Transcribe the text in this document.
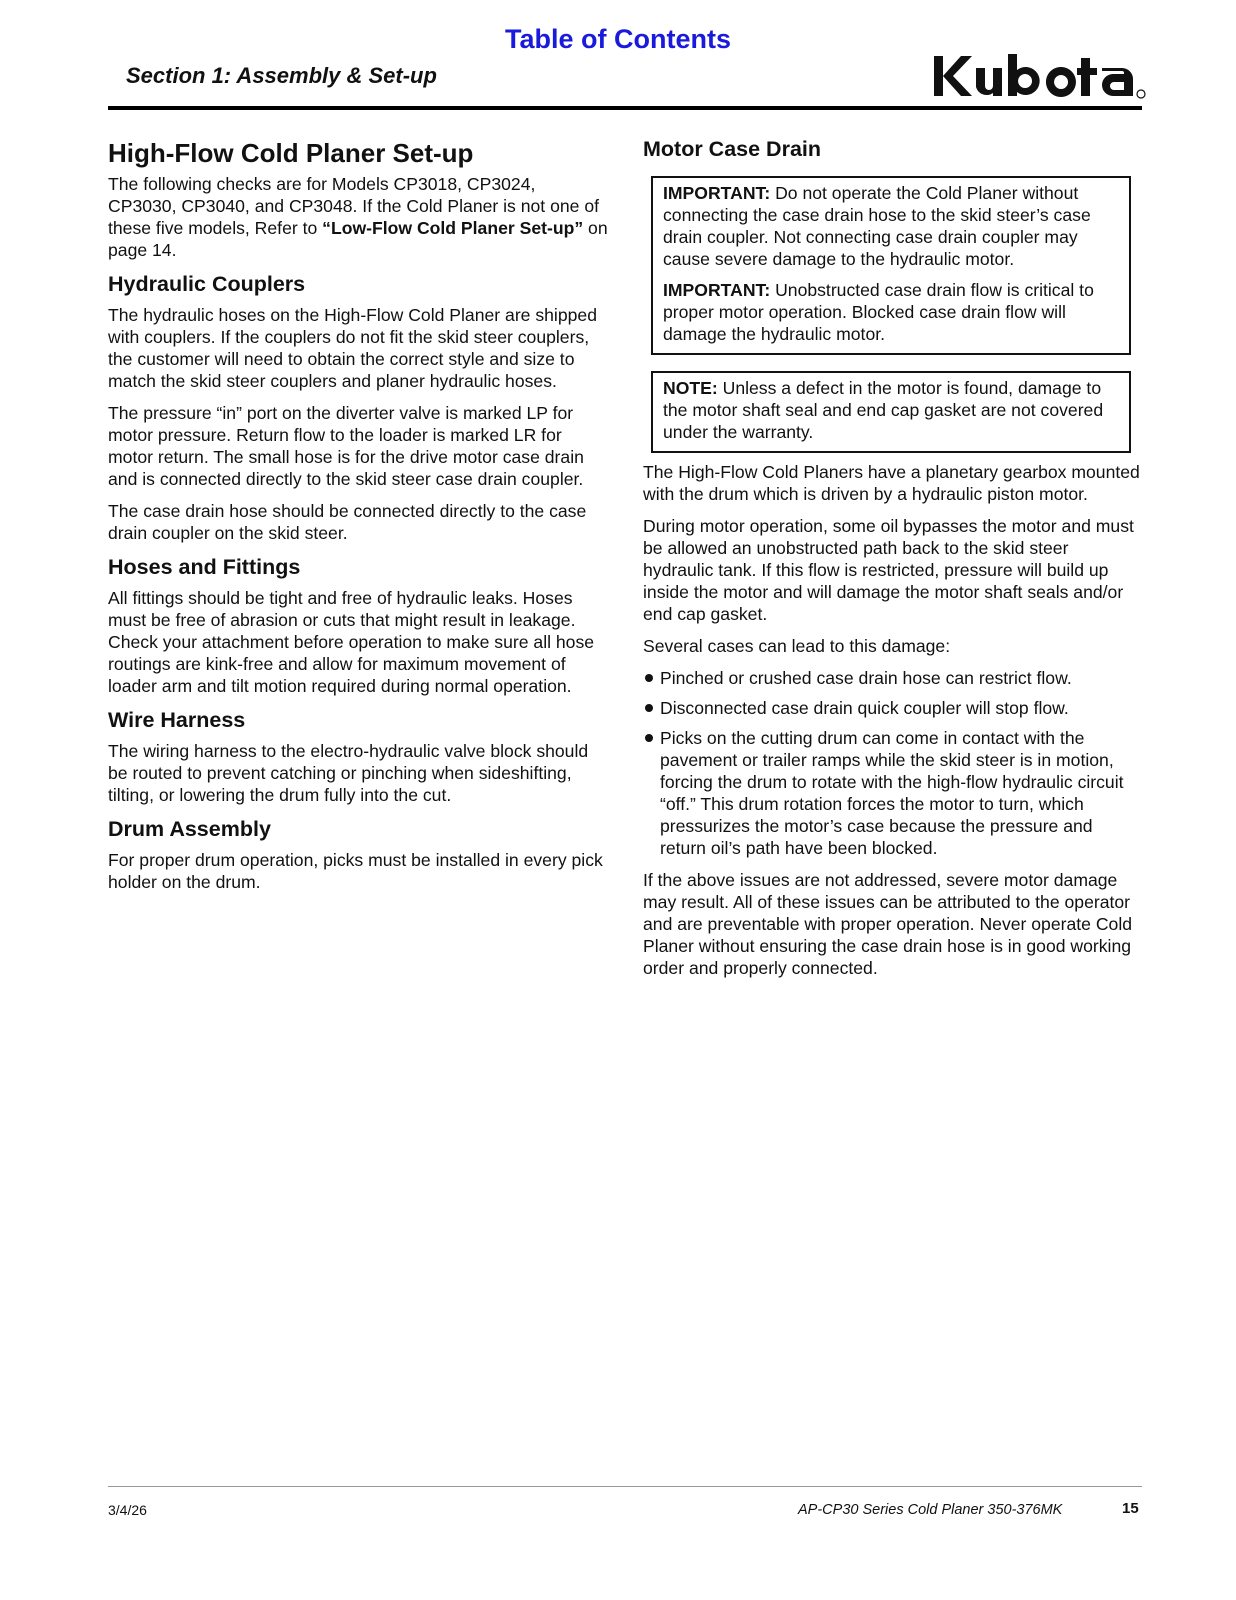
Table of Contents
Section 1: Assembly & Set-up
High-Flow Cold Planer Set-up

The following checks are for Models CP3018, CP3024, CP3030, CP3040, and CP3048. If the Cold Planer is not one of these five models, Refer to “Low-Flow Cold Planer Set-up” on page 14.

Hydraulic Couplers

The hydraulic hoses on the High-Flow Cold Planer are shipped with couplers. If the couplers do not fit the skid steer couplers, the customer will need to obtain the correct style and size to match the skid steer couplers and planer hydraulic hoses.

The pressure “in” port on the diverter valve is marked LP for motor pressure. Return flow to the loader is marked LR for motor return. The small hose is for the drive motor case drain and is connected directly to the skid steer case drain coupler.

The case drain hose should be connected directly to the case drain coupler on the skid steer.

Hoses and Fittings

All fittings should be tight and free of hydraulic leaks. Hoses must be free of abrasion or cuts that might result in leakage. Check your attachment before operation to make sure all hose routings are kink-free and allow for maximum movement of loader arm and tilt motion required during normal operation.

Wire Harness

The wiring harness to the electro-hydraulic valve block should be routed to prevent catching or pinching when sideshifting, tilting, or lowering the drum fully into the cut.

Drum Assembly

For proper drum operation, picks must be installed in every pick holder on the drum.

Motor Case Drain

IMPORTANT: Do not operate the Cold Planer without connecting the case drain hose to the skid steer’s case drain coupler. Not connecting case drain coupler may cause severe damage to the hydraulic motor.

IMPORTANT: Unobstructed case drain flow is critical to proper motor operation. Blocked case drain flow will damage the hydraulic motor.

NOTE: Unless a defect in the motor is found, damage to the motor shaft seal and end cap gasket are not covered under the warranty.

The High-Flow Cold Planers have a planetary gearbox mounted with the drum which is driven by a hydraulic piston motor.

During motor operation, some oil bypasses the motor and must be allowed an unobstructed path back to the skid steer hydraulic tank. If this flow is restricted, pressure will build up inside the motor and will damage the motor shaft seals and/or end cap gasket.

Several cases can lead to this damage:

Pinched or crushed case drain hose can restrict flow.
Disconnected case drain quick coupler will stop flow.
Picks on the cutting drum can come in contact with the pavement or trailer ramps while the skid steer is in motion, forcing the drum to rotate with the high-flow hydraulic circuit “off.” This drum rotation forces the motor to turn, which pressurizes the motor’s case because the pressure and return oil’s path have been blocked.

If the above issues are not addressed, severe motor damage may result. All of these issues can be attributed to the operator and are preventable with proper operation. Never operate Cold Planer without ensuring the case drain hose is in good working order and properly connected.

3/4/26	AP-CP30 Series Cold Planer 350-376MK	15
